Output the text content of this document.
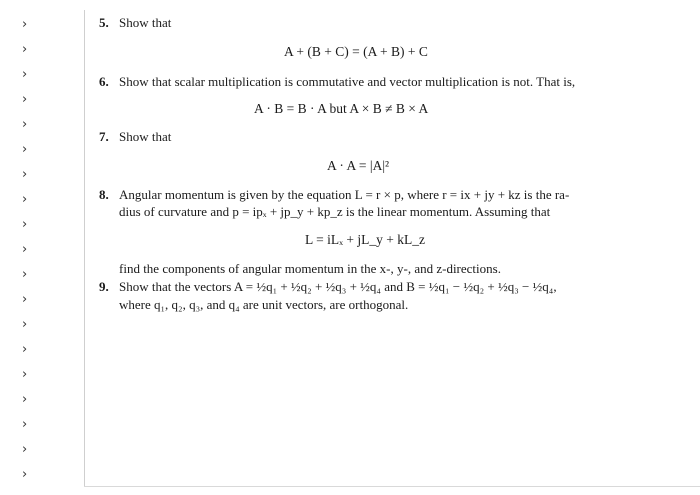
›
›
›
›
›
›
›
›
›
›
›
›
›
›
›
›
›
›
›
5. Show that
A + (B + C) = (A + B) + C
6. Show that scalar multiplication is commutative and vector multiplication is not. That is,
A · B = B · A but A × B ≠ B × A
7. Show that
A · A = |A|²
8. Angular momentum is given by the equation L = r × p, where r = ix + jy + kz is the ra-
dius of curvature and p = ipₓ + jp_y + kp_z is the linear momentum. Assuming that
L = iLₓ + jL_y + kL_z
find the components of angular momentum in the x-, y-, and z-directions.
9. Show that the vectors A = ½q₁ + ½q₂ + ½q₃ + ½q₄ and B = ½q₁ − ½q₂ + ½q₃ − ½q₄,
where q₁, q₂, q₃, and q₄ are unit vectors, are orthogonal.
